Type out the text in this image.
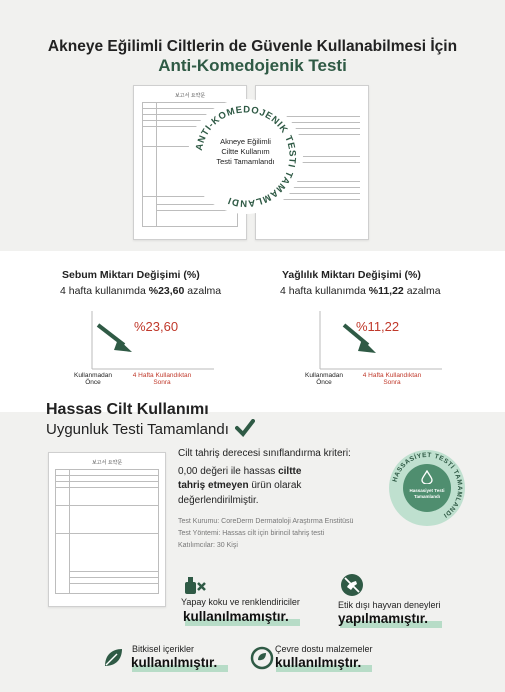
Akneye Eğilimli Ciltlerin de Güvenle Kullanabilmesi İçin
Anti-Komedojenik Testi
보고서 요약문
ANTI-KOMEDOJENIK TESTI TAMAMLANDI
Akneye Eğilimli
Ciltte Kullanım
Testi Tamamlandı
Sebum Miktarı Değişimi (%)
4 hafta kullanımda %23,60 azalma
%23,60
Kullanmadan
Önce
4 Hafta Kullandıktan
Sonra
Yağlılık Miktarı Değişimi (%)
4 hafta kullanımda %11,22 azalma
%11,22
Kullanmadan
Önce
4 Hafta Kullandıktan
Sonra
Hassas Cilt Kullanımı
Uygunluk Testi Tamamlandı
보고서 요약문
Cilt tahriş derecesi sınıflandırma kriteri:
0,00 değeri ile hassas ciltte
tahriş etmeyen ürün olarak
değerlendirilmiştir.
Test Kurumu: CoreDerm Dermatoloji Araştırma Enstitüsü
Test Yöntemi: Hassas cilt için birincil tahriş testi
Katılımcılar: 30 Kişi
HASSASİYET TESTİ TAMAMLANDI
Hassasiyet Testi
Tamamlandı
Yapay koku ve renklendiriciler
kullanılmamıştır.
Etik dışı hayvan deneyleri
yapılmamıştır.
Bitkisel içerikler
kullanılmıştır.
Çevre dostu malzemeler
kullanılmıştır.
